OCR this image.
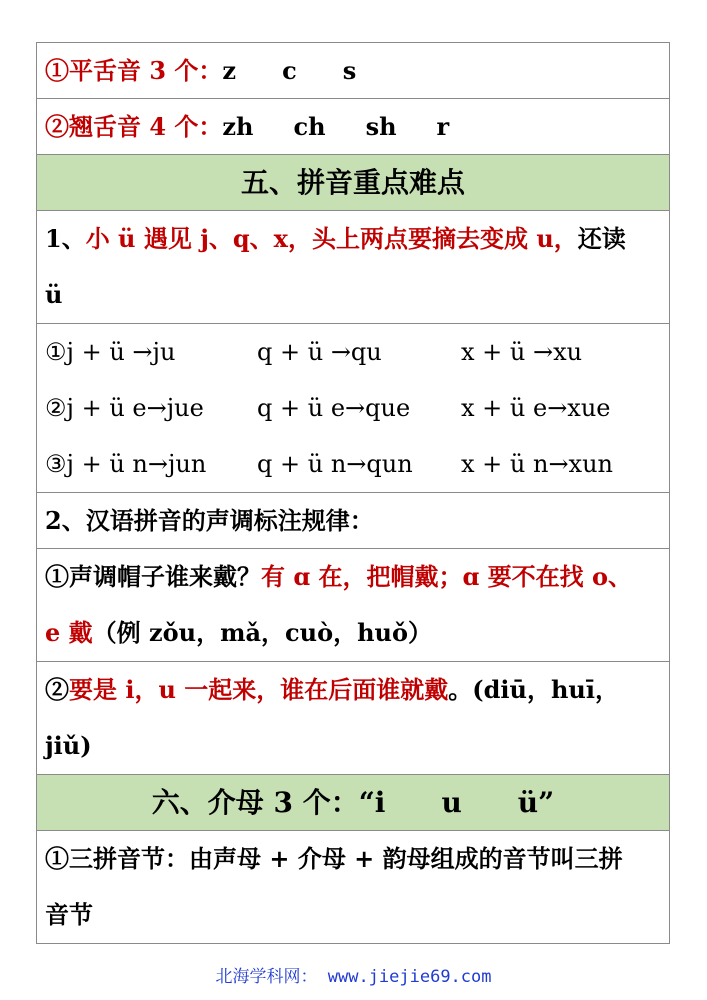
①平舌音 3 个：z c s
②翘舌音 4 个：zh ch sh r
五、拼音重点难点
1、小 ü 遇见 j、q、x，头上两点要摘去变成 u，还读
ü
①j + ü →ju	q + ü →qu	x + ü →xu
②j + ü e→jue	q + ü e→que	x + ü e→xue
③j + ü n→jun	q + ü n→qun	x + ü n→xun
2、汉语拼音的声调标注规律：
①声调帽子谁来戴？有 ɑ 在，把帽戴；ɑ 要不在找 o、
e 戴（例 zǒu，mǎ，cuò，huǒ）
②要是 i，u 一起来，谁在后面谁就戴。(diū，huī，
jiǔ)
六、介母 3 个：“i　　u　　ü”
①三拼音节：由声母 + 介母 + 韵母组成的音节叫三拼
音节
北海学科网： www.jiejie69.com
